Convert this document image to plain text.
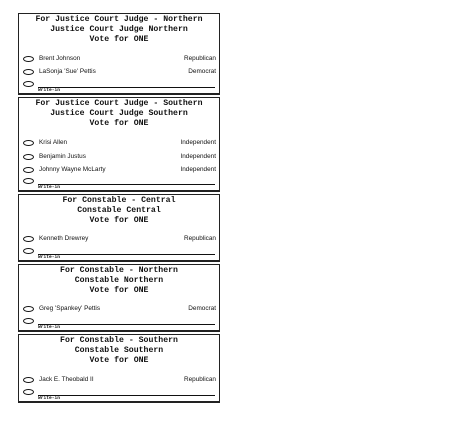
For Justice Court Judge - Northern
Justice Court Judge Northern
Vote for ONE
Brent Johnson	Republican
LaSonja 'Sue' Pettis	Democrat
Write-in
For Justice Court Judge - Southern
Justice Court Judge Southern
Vote for ONE
Krisi Allen	Independent
Benjamin Justus	Independent
Johnny Wayne McLarty	Independent
Write-in
For Constable - Central
Constable Central
Vote for ONE
Kenneth Drewrey	Republican
Write-in
For Constable - Northern
Constable Northern
Vote for ONE
Greg 'Spankey' Pettis	Democrat
Write-in
For Constable - Southern
Constable Southern
Vote for ONE
Jack E. Theobald II	Republican
Write-in
